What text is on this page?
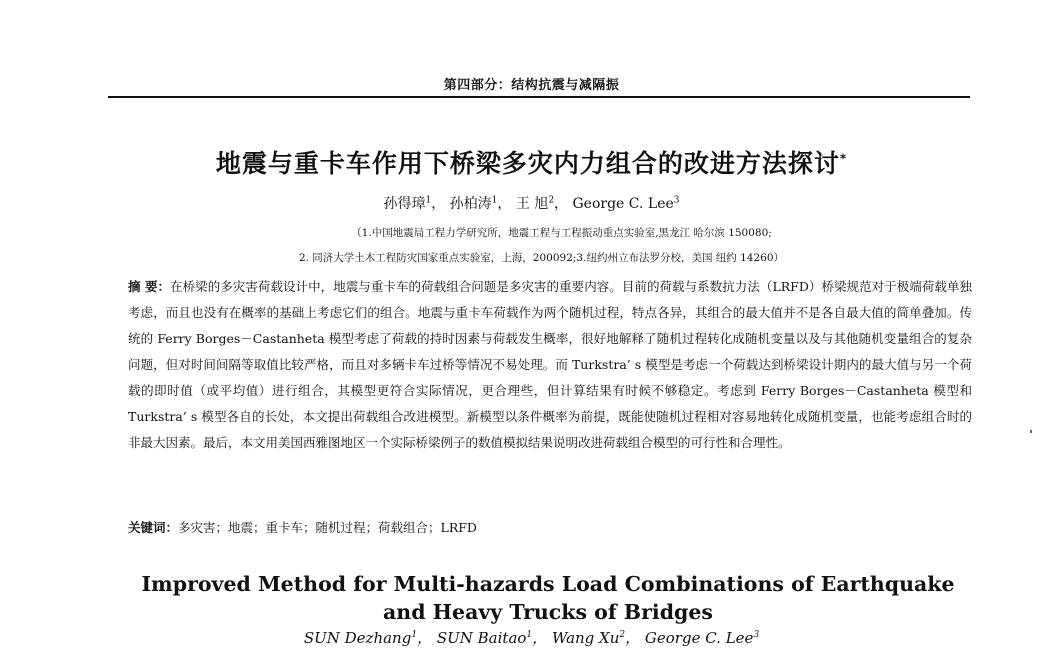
第四部分：结构抗震与减隔振
地震与重卡车作用下桥梁多灾内力组合的改进方法探讨*
孙得璋$^1$， 孙柏涛$^1$， 王 旭$^2$， George C. Lee$^3$
（1.中国地震局工程力学研究所，地震工程与工程振动重点实验室,黑龙江 哈尔滨 150080;
2. 同济大学土木工程防灾国家重点实验室，上海，200092;3.纽约州立布法罗分校，美国 纽约 14260）
摘 要：在桥梁的多灾害荷载设计中，地震与重卡车的荷载组合问题是多灾害的重要内容。目前的荷载与系数抗力法（LRFD）桥梁规范对于极端荷载单独考虑，而且也没有在概率的基础上考虑它们的组合。地震与重卡车荷载作为两个随机过程，特点各异，其组合的最大值并不是各自最大值的简单叠加。传统的 Ferry Borges－Castanheta 模型考虑了荷载的持时因素与荷载发生概率，很好地解释了随机过程转化成随机变量以及与其他随机变量组合的复杂问题，但对时间间隔等取值比较严格，而且对多辆卡车过桥等情况不易处理。而 Turkstra’ s 模型是考虑一个荷载达到桥梁设计期内的最大值与另一个荷载的即时值（或平均值）进行组合，其模型更符合实际情况，更合理些，但计算结果有时候不够稳定。考虑到 Ferry Borges－Castanheta 模型和 Turkstra’ s 模型各自的长处，本文提出荷载组合改进模型。新模型以条件概率为前提，既能使随机过程相对容易地转化成随机变量，也能考虑组合时的非最大因素。最后，本文用美国西雅图地区一个实际桥梁例子的数值模拟结果说明改进荷载组合模型的可行性和合理性。
关键词：多灾害；地震；重卡车；随机过程；荷载组合；LRFD
Improved Method for Multi-hazards Load Combinations of Earthquake and Heavy Trucks of Bridges
SUN Dezhang$^1$， SUN Baitao$^1$， Wang Xu$^2$， George C. Lee$^3$
